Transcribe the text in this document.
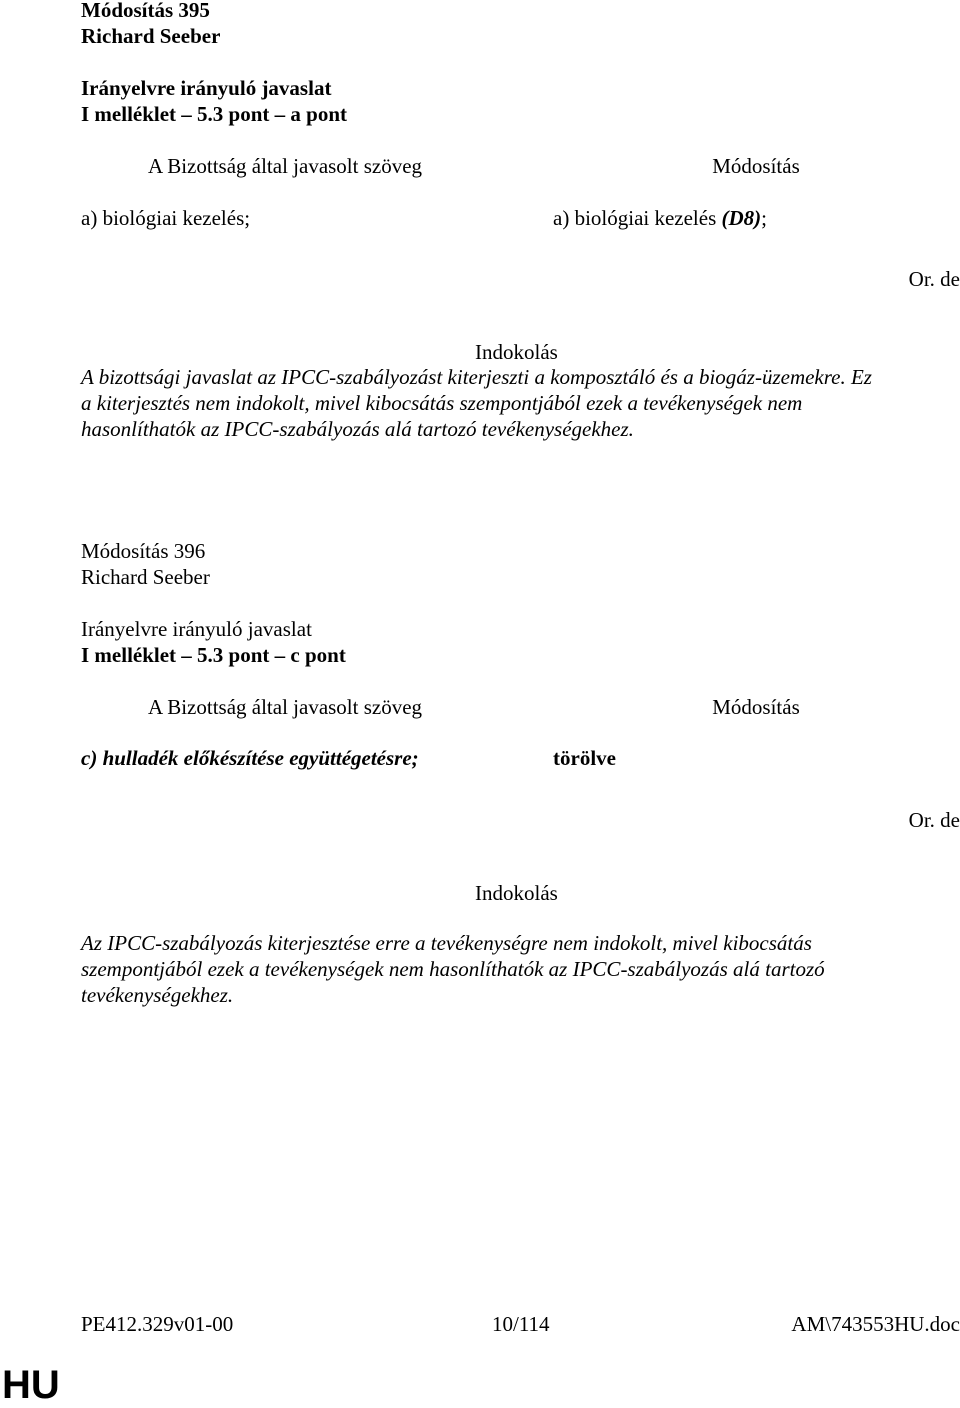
Módosítás 395
Richard Seeber
Irányelvre irányuló javaslat
I melléklet – 5.3 pont – a pont
A Bizottság által javasolt szöveg	Módosítás
a) biológiai kezelés;	a) biológiai kezelés (D8);
Or. de
Indokolás
A bizottsági javaslat az IPCC-szabályozást kiterjeszti a komposztáló és a biogáz-üzemekre. Ez
a kiterjesztés nem indokolt, mivel kibocsátás szempontjából ezek a tevékenységek nem
hasonlíthatók az IPCC-szabályozás alá tartozó tevékenységekhez.
Módosítás 396
Richard Seeber
Irányelvre irányuló javaslat
I melléklet – 5.3 pont – c pont
A Bizottság által javasolt szöveg	Módosítás
c) hulladék előkészítése együttégetésre;	törölve
Or. de
Indokolás
Az IPCC-szabályozás kiterjesztése erre a tevékenységre nem indokolt, mivel kibocsátás
szempontjából ezek a tevékenységek nem hasonlíthatók az IPCC-szabályozás alá tartozó
tevékenységekhez.
PE412.329v01-00	10/114	AM\743553HU.doc
HU
